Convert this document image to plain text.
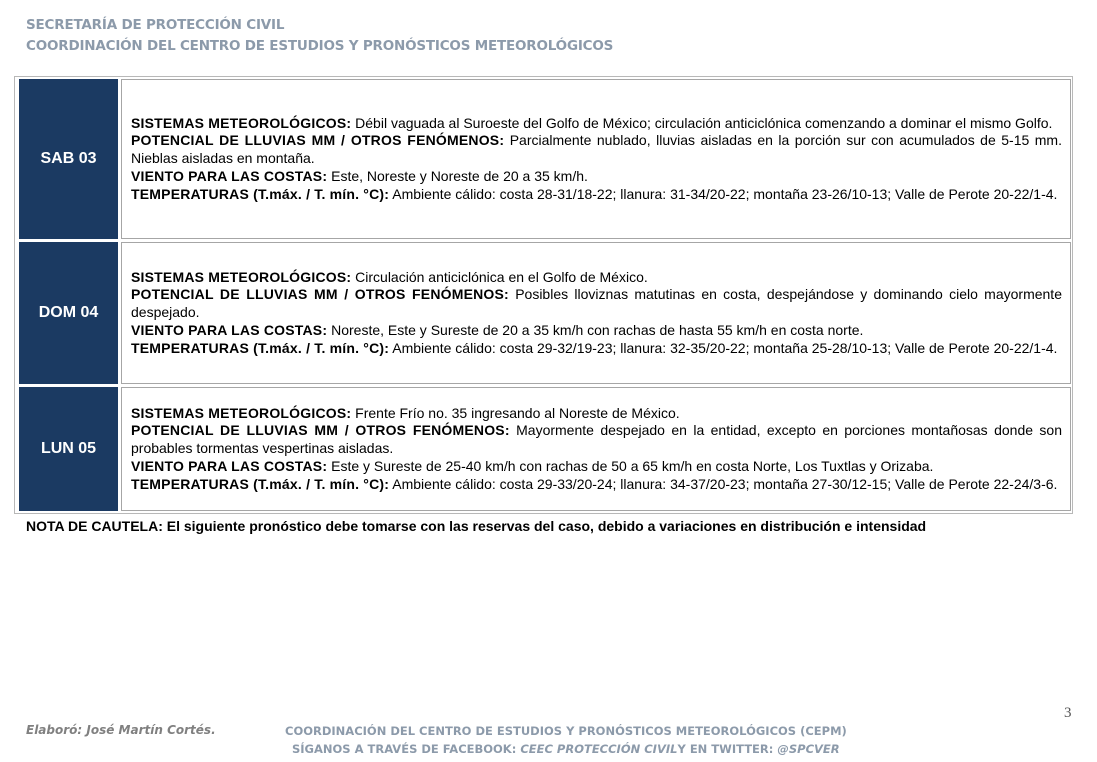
SECRETARÍA DE PROTECCIÓN CIVIL
COORDINACIÓN DEL CENTRO DE ESTUDIOS Y PRONÓSTICOS METEOROLÓGICOS
SAB 03

SISTEMAS METEOROLÓGICOS: Débil vaguada al Suroeste del Golfo de México; circulación anticiclónica comenzando a dominar el mismo Golfo.

POTENCIAL DE LLUVIAS MM / OTROS FENÓMENOS: Parcialmente nublado, lluvias aisladas en la porción sur con acumulados de 5-15 mm. Nieblas aisladas en montaña.

VIENTO PARA LAS COSTAS: Este, Noreste y Noreste de 20 a 35 km/h.

TEMPERATURAS (T.máx. / T. mín. °C): Ambiente cálido: costa 28-31/18-22; llanura: 31-34/20-22; montaña 23-26/10-13; Valle de Perote 20-22/1-4.

DOM 04

SISTEMAS METEOROLÓGICOS: Circulación anticiclónica en el Golfo de México.

POTENCIAL DE LLUVIAS MM / OTROS FENÓMENOS: Posibles lloviznas matutinas en costa, despejándose y dominando cielo mayormente despejado.

VIENTO PARA LAS COSTAS: Noreste, Este y Sureste de 20 a 35 km/h con rachas de hasta 55 km/h en costa norte.

TEMPERATURAS (T.máx. / T. mín. °C): Ambiente cálido: costa 29-32/19-23; llanura: 32-35/20-22; montaña 25-28/10-13; Valle de Perote 20-22/1-4.

LUN 05

SISTEMAS METEOROLÓGICOS: Frente Frío no. 35 ingresando al Noreste de México.

POTENCIAL DE LLUVIAS MM / OTROS FENÓMENOS: Mayormente despejado en la entidad, excepto en porciones montañosas donde son probables tormentas vespertinas aisladas.

VIENTO PARA LAS COSTAS: Este y Sureste de 25-40 km/h con rachas de 50 a 65 km/h en costa Norte, Los Tuxtlas y Orizaba.

TEMPERATURAS (T.máx. / T. mín. °C): Ambiente cálido: costa 29-33/20-24; llanura: 34-37/20-23; montaña 27-30/12-15; Valle de Perote 22-24/3-6.

NOTA DE CAUTELA: El siguiente pronóstico debe tomarse con las reservas del caso, debido a variaciones en distribución e intensidad
3
Elaboró: José Martín Cortés.	COORDINACIÓN DEL CENTRO DE ESTUDIOS Y PRONÓSTICOS METEOROLÓGICOS (CEPM)
SÍGANOS A TRAVÉS DE FACEBOOK: CEEC PROTECCIÓN CIVILY EN TWITTER: @SPCVER
